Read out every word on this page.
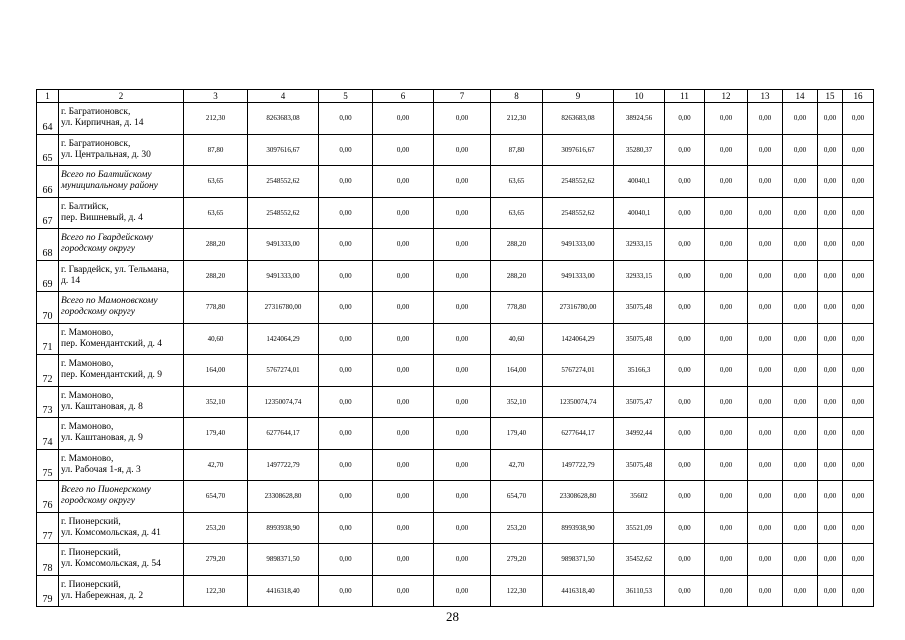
1	2	3	4	5	6	7	8	9	10	11	12	13	14	15	16
64	г. Багратионовск,
ул. Кирпичная, д. 14	212,30	8263683,08	0,00	0,00	0,00	212,30	8263683,08	38924,56	0,00	0,00	0,00	0,00	0,00	0,00
65	г. Багратионовск,
ул. Центральная, д. 30	87,80	3097616,67	0,00	0,00	0,00	87,80	3097616,67	35280,37	0,00	0,00	0,00	0,00	0,00	0,00
66	Всего по Балтийскому
муниципальному району	63,65	2548552,62	0,00	0,00	0,00	63,65	2548552,62	40040,1	0,00	0,00	0,00	0,00	0,00	0,00
67	г. Балтийск,
пер. Вишневый, д. 4	63,65	2548552,62	0,00	0,00	0,00	63,65	2548552,62	40040,1	0,00	0,00	0,00	0,00	0,00	0,00
68	Всего по Гвардейскому
городскому округу	288,20	9491333,00	0,00	0,00	0,00	288,20	9491333,00	32933,15	0,00	0,00	0,00	0,00	0,00	0,00
69	г. Гвардейск, ул. Тельмана,
д. 14	288,20	9491333,00	0,00	0,00	0,00	288,20	9491333,00	32933,15	0,00	0,00	0,00	0,00	0,00	0,00
70	Всего по Мамоновскому
городскому округу	778,80	27316780,00	0,00	0,00	0,00	778,80	27316780,00	35075,48	0,00	0,00	0,00	0,00	0,00	0,00
71	г. Мамоново,
пер. Комендантский, д. 4	40,60	1424064,29	0,00	0,00	0,00	40,60	1424064,29	35075,48	0,00	0,00	0,00	0,00	0,00	0,00
72	г. Мамоново,
пер. Комендантский, д. 9	164,00	5767274,01	0,00	0,00	0,00	164,00	5767274,01	35166,3	0,00	0,00	0,00	0,00	0,00	0,00
73	г. Мамоново,
ул. Каштановая, д. 8	352,10	12350074,74	0,00	0,00	0,00	352,10	12350074,74	35075,47	0,00	0,00	0,00	0,00	0,00	0,00
74	г. Мамоново,
ул. Каштановая, д. 9	179,40	6277644,17	0,00	0,00	0,00	179,40	6277644,17	34992,44	0,00	0,00	0,00	0,00	0,00	0,00
75	г. Мамоново,
ул. Рабочая 1-я, д. 3	42,70	1497722,79	0,00	0,00	0,00	42,70	1497722,79	35075,48	0,00	0,00	0,00	0,00	0,00	0,00
76	Всего по Пионерскому
городскому округу	654,70	23308628,80	0,00	0,00	0,00	654,70	23308628,80	35602	0,00	0,00	0,00	0,00	0,00	0,00
77	г. Пионерский,
ул. Комсомольская, д. 41	253,20	8993938,90	0,00	0,00	0,00	253,20	8993938,90	35521,09	0,00	0,00	0,00	0,00	0,00	0,00
78	г. Пионерский,
ул. Комсомольская, д. 54	279,20	9898371,50	0,00	0,00	0,00	279,20	9898371,50	35452,62	0,00	0,00	0,00	0,00	0,00	0,00
79	г. Пионерский,
ул. Набережная, д. 2	122,30	4416318,40	0,00	0,00	0,00	122,30	4416318,40	36110,53	0,00	0,00	0,00	0,00	0,00	0,00
28
